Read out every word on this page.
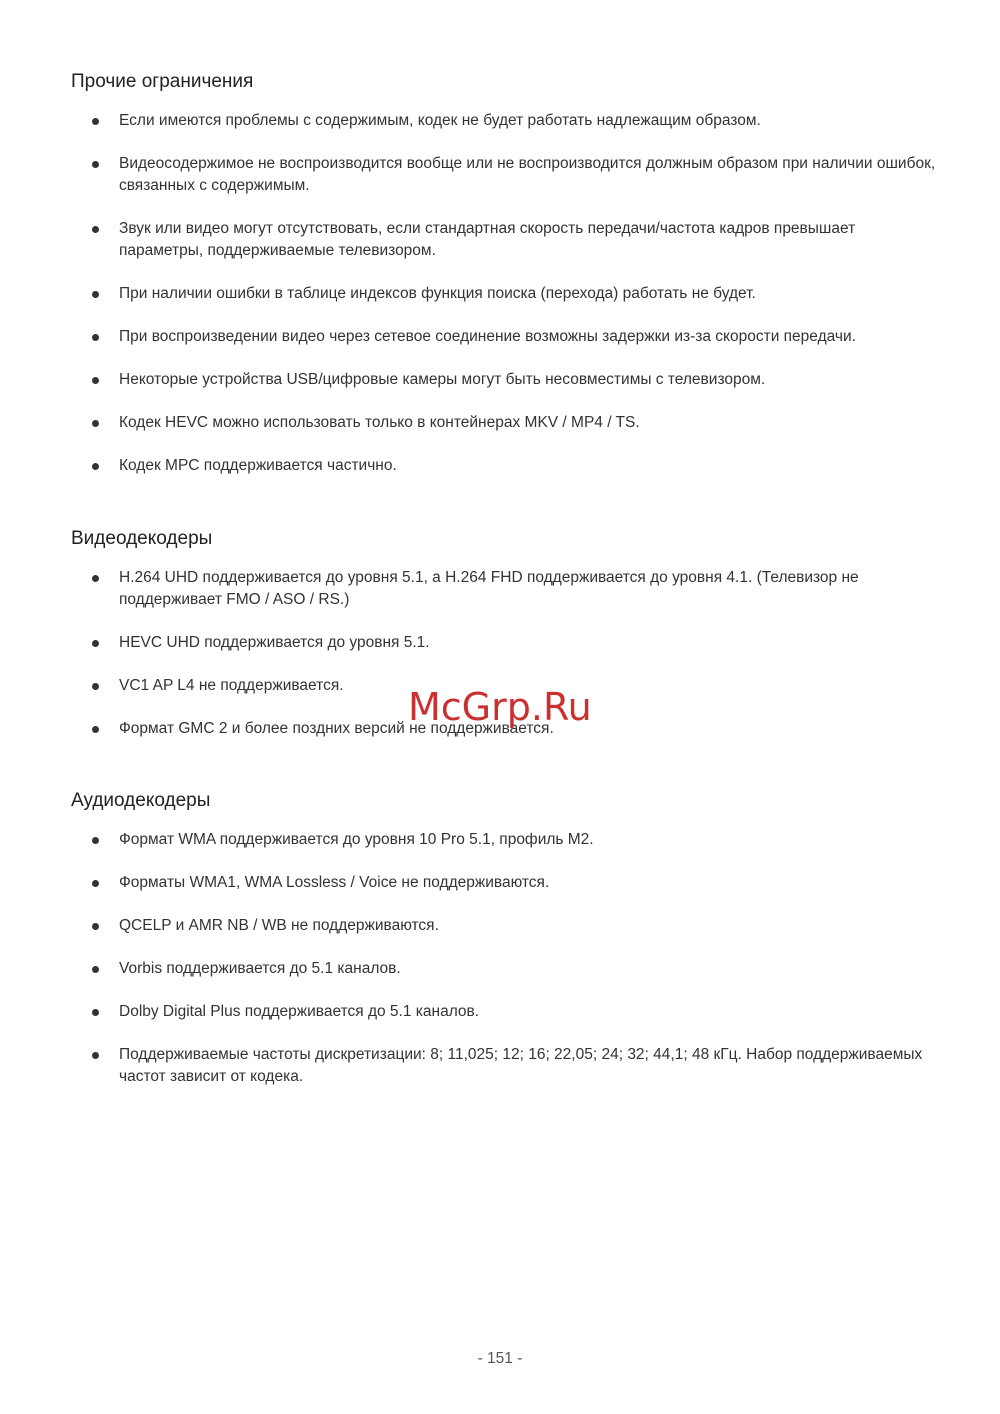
Прочие ограничения
Если имеются проблемы с содержимым, кодек не будет работать надлежащим образом.
Видеосодержимое не воспроизводится вообще или не воспроизводится должным образом при наличии ошибок, связанных с содержимым.
Звук или видео могут отсутствовать, если стандартная скорость передачи/частота кадров превышает параметры, поддерживаемые телевизором.
При наличии ошибки в таблице индексов функция поиска (перехода) работать не будет.
При воспроизведении видео через сетевое соединение возможны задержки из-за скорости передачи.
Некоторые устройства USB/цифровые камеры могут быть несовместимы с телевизором.
Кодек HEVC можно использовать только в контейнерах MKV / MP4 / TS.
Кодек MPC поддерживается частично.
Видеодекодеры
H.264 UHD поддерживается до уровня 5.1, а H.264 FHD поддерживается до уровня 4.1. (Телевизор не поддерживает FMO / ASO / RS.)
HEVC UHD поддерживается до уровня 5.1.
VC1 AP L4 не поддерживается.
Формат GMC 2 и более поздних версий не поддерживается.
Аудиодекодеры
Формат WMA поддерживается до уровня 10 Pro 5.1, профиль M2.
Форматы WMA1, WMA Lossless / Voice не поддерживаются.
QCELP и AMR NB / WB не поддерживаются.
Vorbis поддерживается до 5.1 каналов.
Dolby Digital Plus поддерживается до 5.1 каналов.
Поддерживаемые частоты дискретизации: 8; 11,025; 12; 16; 22,05; 24; 32; 44,1; 48 кГц. Набор поддерживаемых частот зависит от кодека.
McGrp.Ru
- 151 -
